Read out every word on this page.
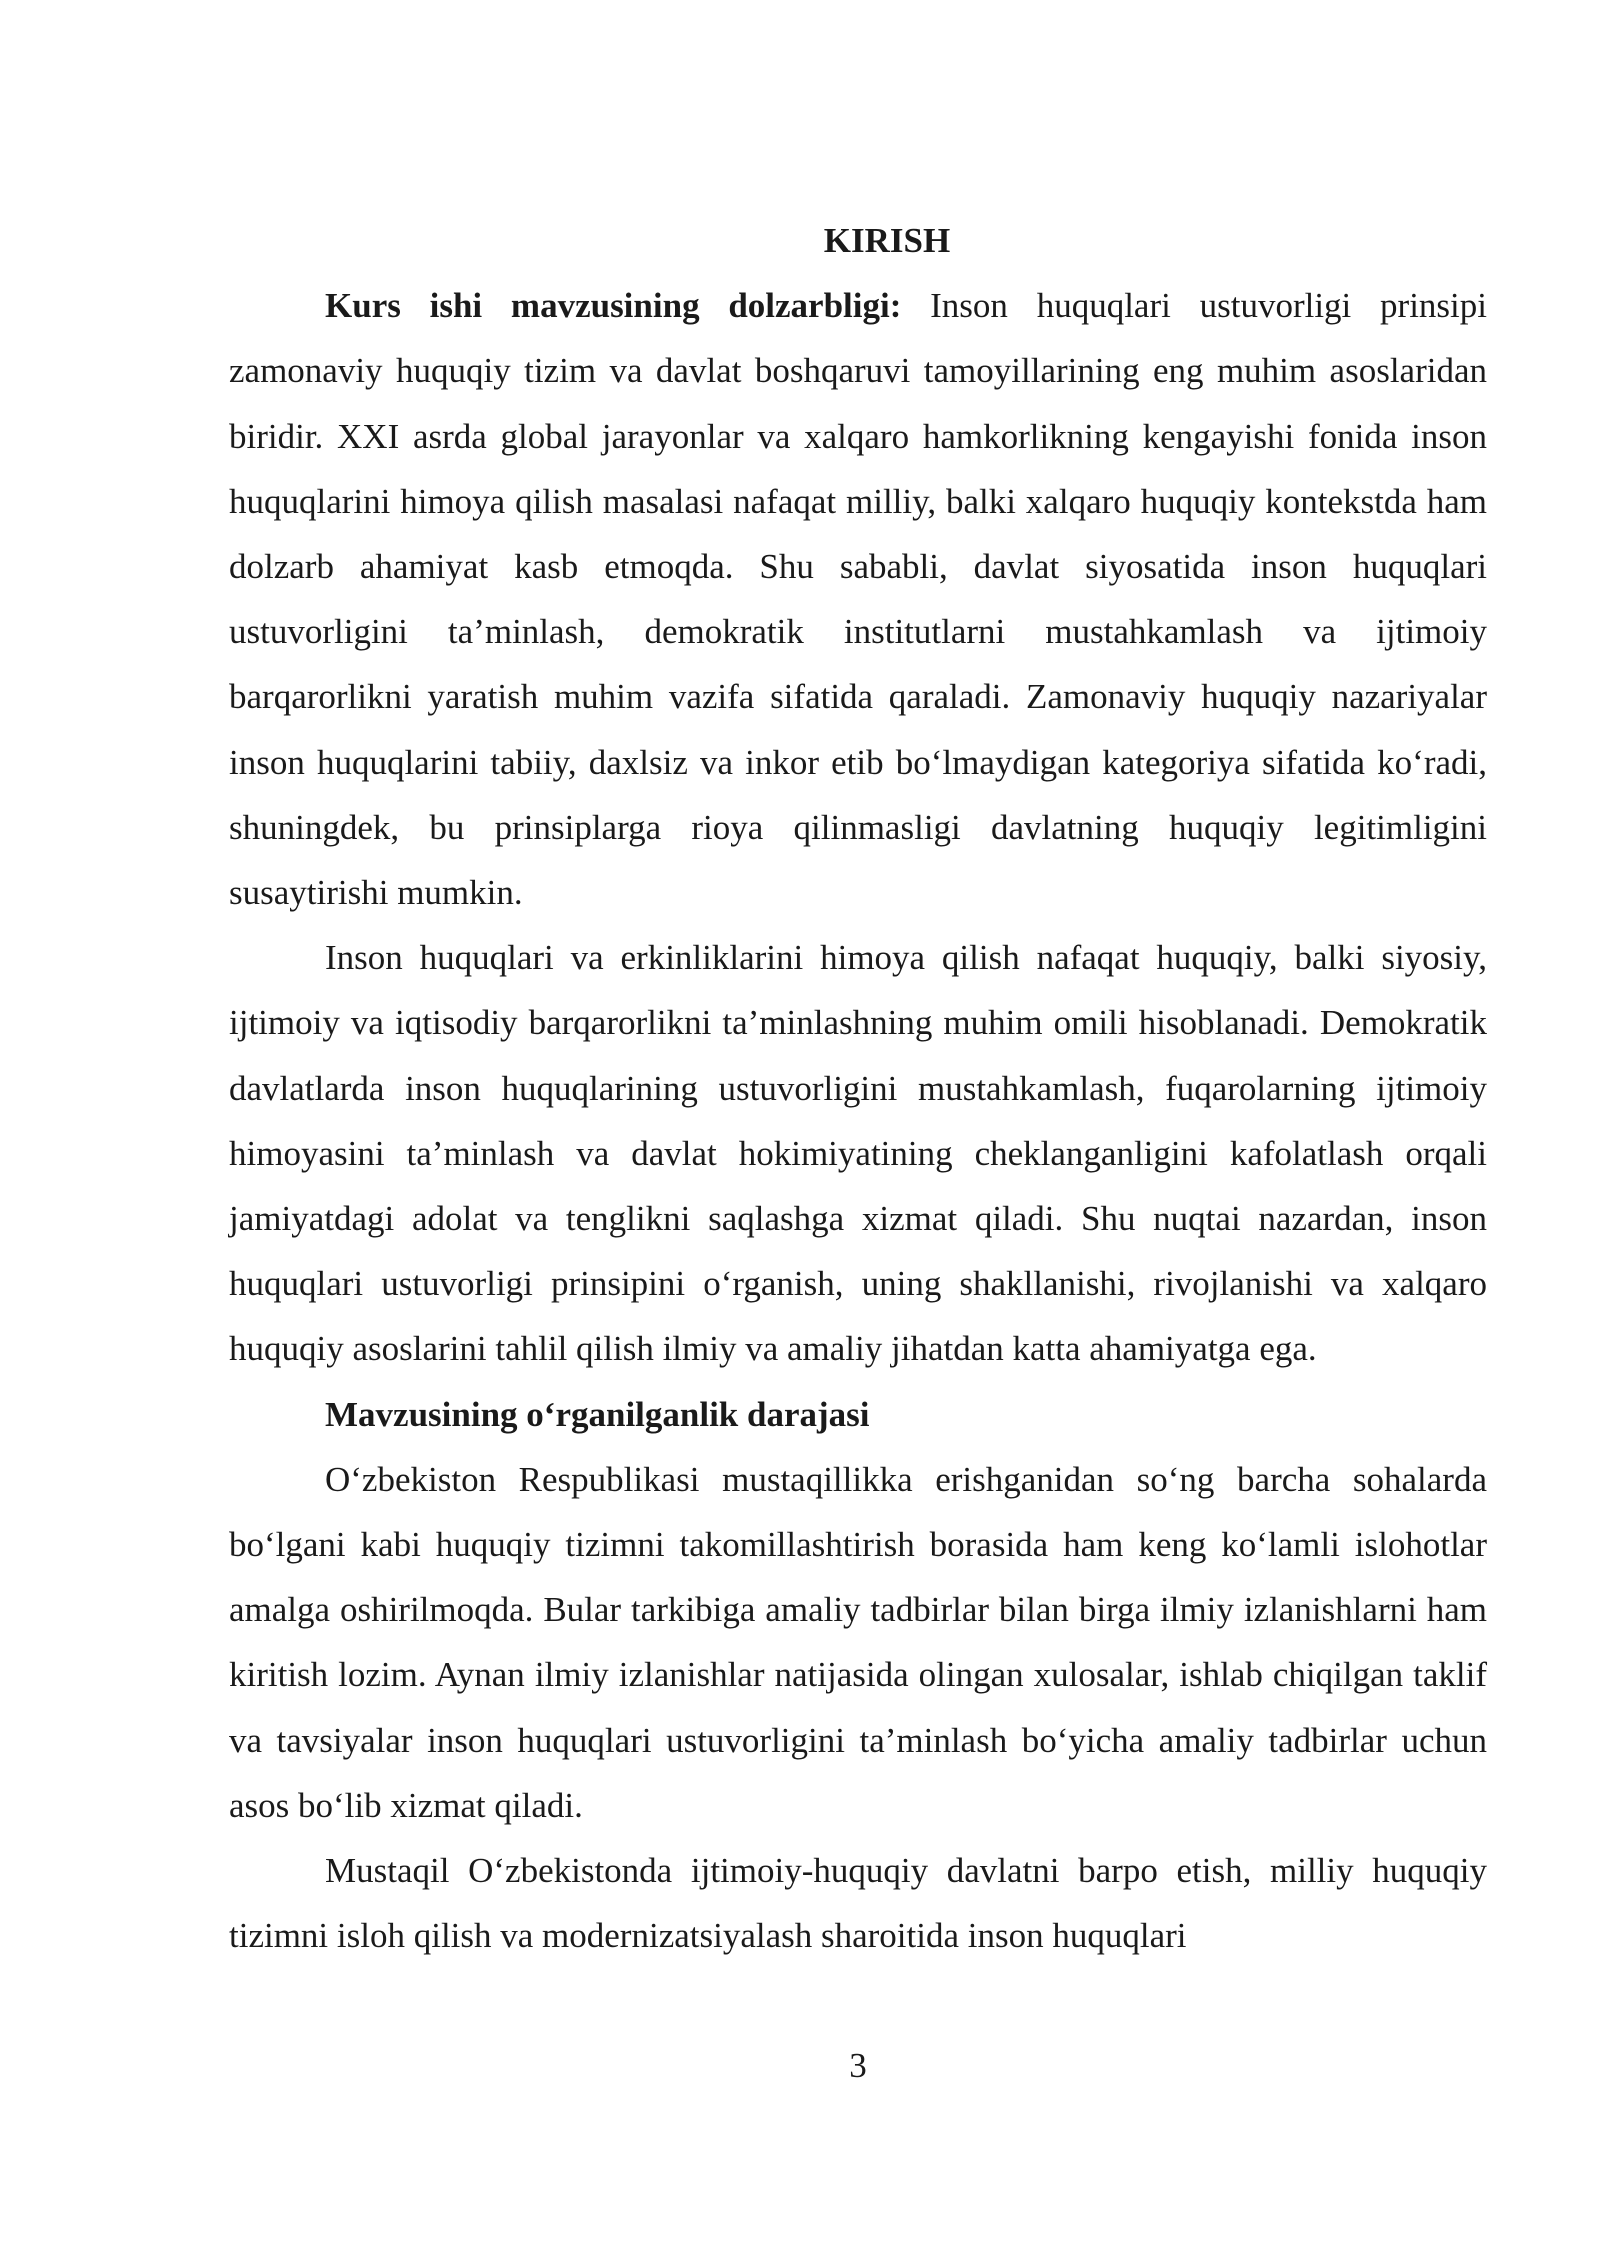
KIRISH

Kurs ishi mavzusining dolzarbligi: Inson huquqlari ustuvorligi prinsipi zamonaviy huquqiy tizim va davlat boshqaruvi tamoyillarining eng muhim asoslaridan biridir. XXI asrda global jarayonlar va xalqaro hamkorlikning kengayishi fonida inson huquqlarini himoya qilish masalasi nafaqat milliy, balki xalqaro huquqiy kontekstda ham dolzarb ahamiyat kasb etmoqda. Shu sababli, davlat siyosatida inson huquqlari ustuvorligini ta’minlash, demokratik institutlarni mustahkamlash va ijtimoiy barqarorlikni yaratish muhim vazifa sifatida qaraladi. Zamonaviy huquqiy nazariyalar inson huquqlarini tabiiy, daxlsiz va inkor etib bo‘lmaydigan kategoriya sifatida ko‘radi, shuningdek, bu prinsiplarga rioya qilinmasligi davlatning huquqiy legitimligini susaytirishi mumkin.

Inson huquqlari va erkinliklarini himoya qilish nafaqat huquqiy, balki siyosiy, ijtimoiy va iqtisodiy barqarorlikni ta’minlashning muhim omili hisoblanadi. Demokratik davlatlarda inson huquqlarining ustuvorligini mustahkamlash, fuqarolarning ijtimoiy himoyasini ta’minlash va davlat hokimiyatining cheklanganligini kafolatlash orqali jamiyatdagi adolat va tenglikni saqlashga xizmat qiladi. Shu nuqtai nazardan, inson huquqlari ustuvorligi prinsipini o‘rganish, uning shakllanishi, rivojlanishi va xalqaro huquqiy asoslarini tahlil qilish ilmiy va amaliy jihatdan katta ahamiyatga ega.

Mavzusining o‘rganilganlik darajasi

O‘zbekiston Respublikasi mustaqillikka erishganidan so‘ng barcha sohalarda bo‘lgani kabi huquqiy tizimni takomillashtirish borasida ham keng ko‘lamli islohotlar amalga oshirilmoqda. Bular tarkibiga amaliy tadbirlar bilan birga ilmiy izlanishlarni ham kiritish lozim. Aynan ilmiy izlanishlar natijasida olingan xulosalar, ishlab chiqilgan taklif va tavsiyalar inson huquqlari ustuvorligini ta’minlash bo‘yicha amaliy tadbirlar uchun asos bo‘lib xizmat qiladi.

Mustaqil O‘zbekistonda ijtimoiy-huquqiy davlatni barpo etish, milliy huquqiy tizimni isloh qilish va modernizatsiyalash sharoitida inson huquqlari

3
